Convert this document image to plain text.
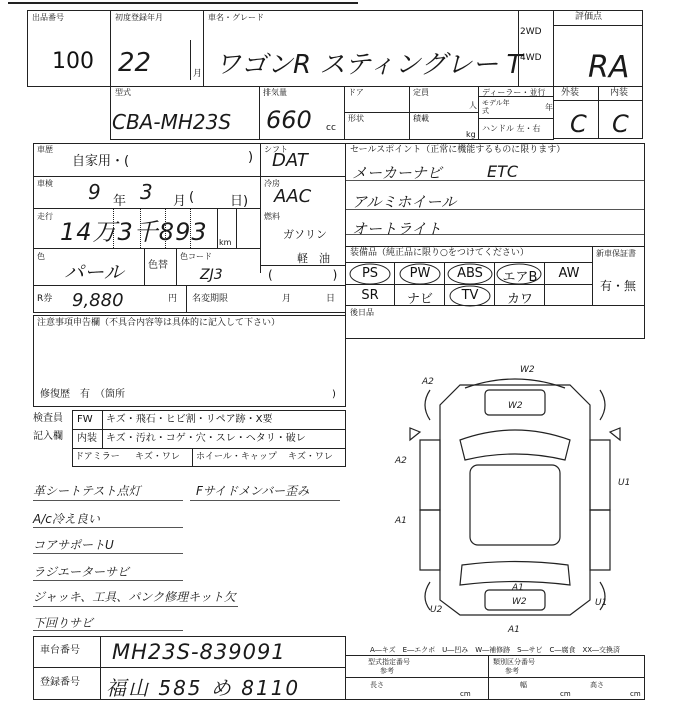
出品番号
100
初度登録年月
22	月
車名・グレード
ワゴンR スティングレー T
2WD
4WD
評価点
RA
外装	内装
C C
型式
CBA-MH23S
排気量
660 cc
ドア	定員
人
ディーラー・並行
モデル年式	年
ハンドル 左・右
形状	積載
kg
車歴
自家用・(	)
シフト
DAT
車検 9 年 3 月 (	日)
冷房
AAC
走行
14万3千893 km
燃料
ガソリン
軽　油
色
パール 色替
色コード
ZJ3	(　　　　　)
R券 9,880	円 名変期限	月	日
注意事項申告欄（不具合内容等は具体的に記入して下さい）
修復歴　有　（箇所	)
セールスポイント（正常に機能するものに限ります）
メーカーナビ	ETC
アルミホイール
オートライト
装備品（純正品に限り○をつけてください）
PS	PW	ABS	エアB	AW
SR	ナビ	TV	カワ
新車保証書
有・無
後日品
検査員
記入欄
FW キズ・飛石・ヒビ割・リペア跡・X要
内装 キズ・汚れ・コゲ・穴・スレ・ヘタリ・破レ
ドアミラー キズ・ワレ ホイール・キャップ キズ・ワレ
革シートテスト点灯	Fサイドメンバー歪み
A/c冷え良い
コアサポートU
ラジエーターサビ
ジャッキ、工具、パンク修理キット欠
下回りサビ
A2
W2
W2
A2
A1
U1
A1
U2
W2	U1
A1
A―キズ　E―エクボ　U―凹み　W―補修跡　S―サビ　C―腐食　XX―交換済
車台番号 MH23S-839091
登録番号 福山 585 め 8110
型式指定番号
参考
類別区分番号
参考
長さ
cm
幅
cm
高さ
cm
